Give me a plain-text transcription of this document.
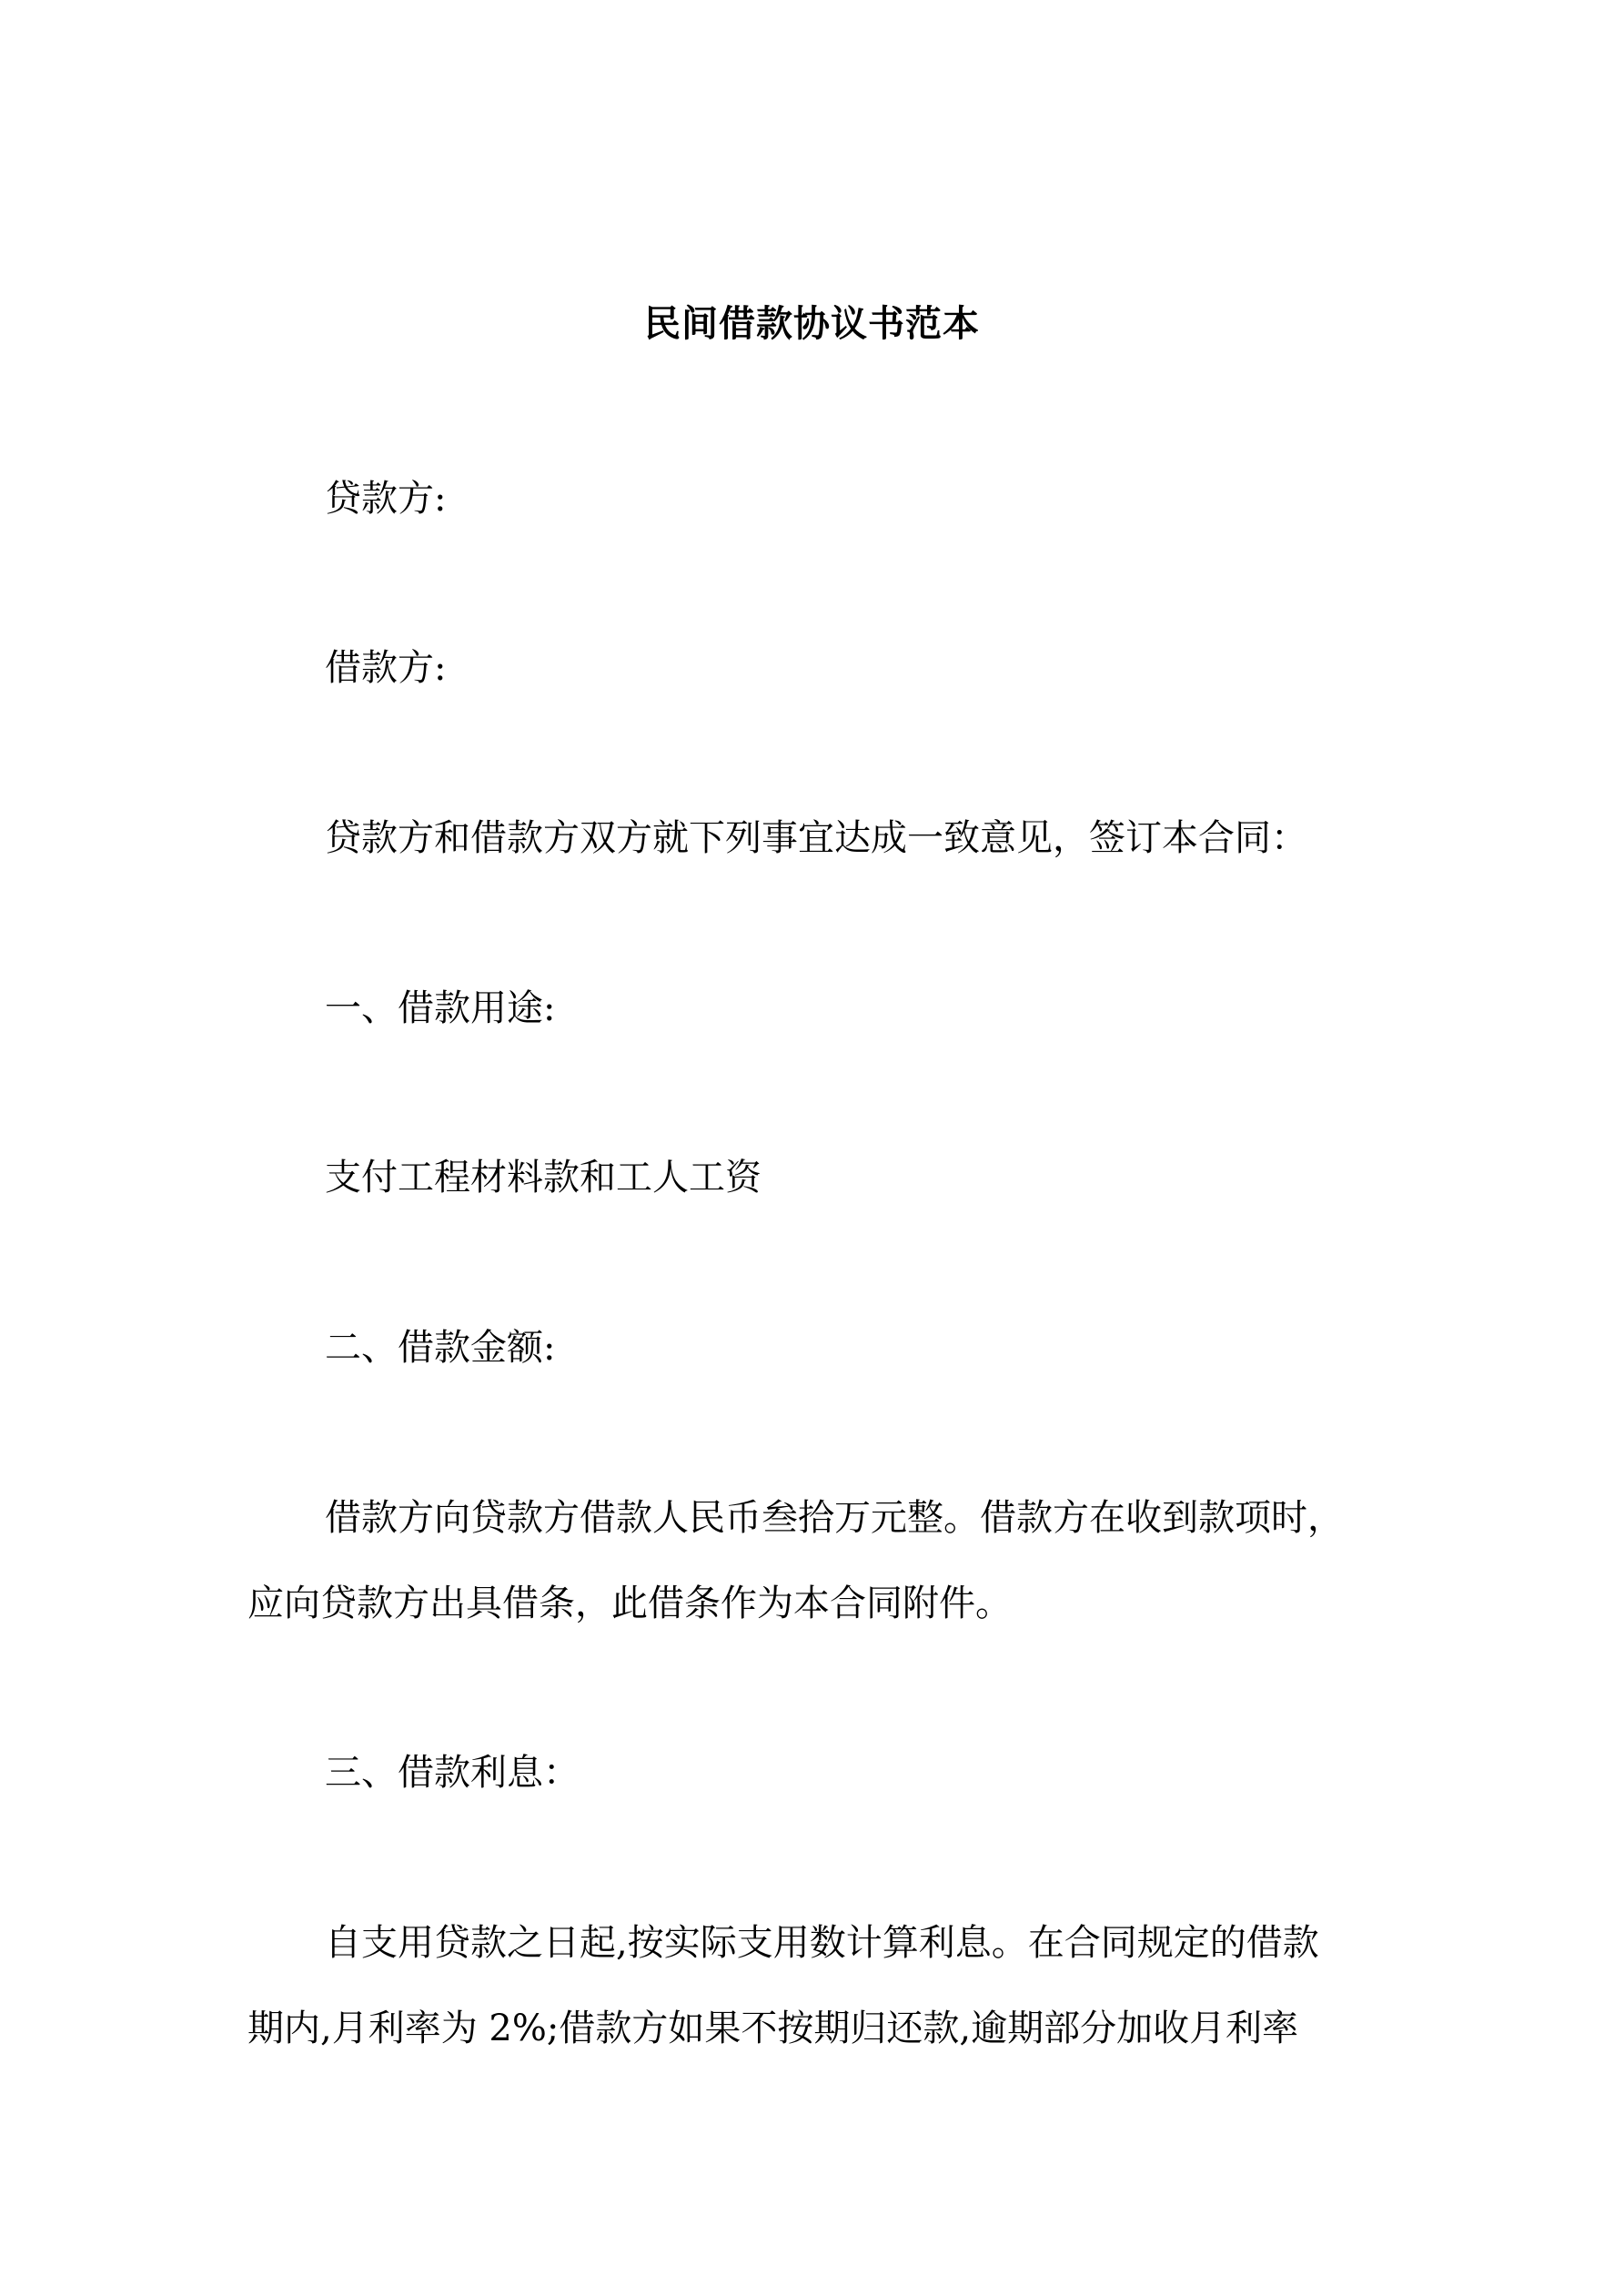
民间借款协议书范本
贷款方:
借款方:
贷款方和借款方双方就下列事宜达成一致意见，签订本合同：
一、借款用途:
支付工程材料款和工人工资
二、借款金额:
借款方向贷款方借款人民币叁拾万元整。借款方在收到款项时，
应向贷款方出具借条，此借条作为本合同附件。
三、借款利息：
自支用贷款之日起,按实际支用数计算利息。在合同规定的借款
期内,月利率为 2%;借款方如果不按期归还款,逾期部分加收月利率
